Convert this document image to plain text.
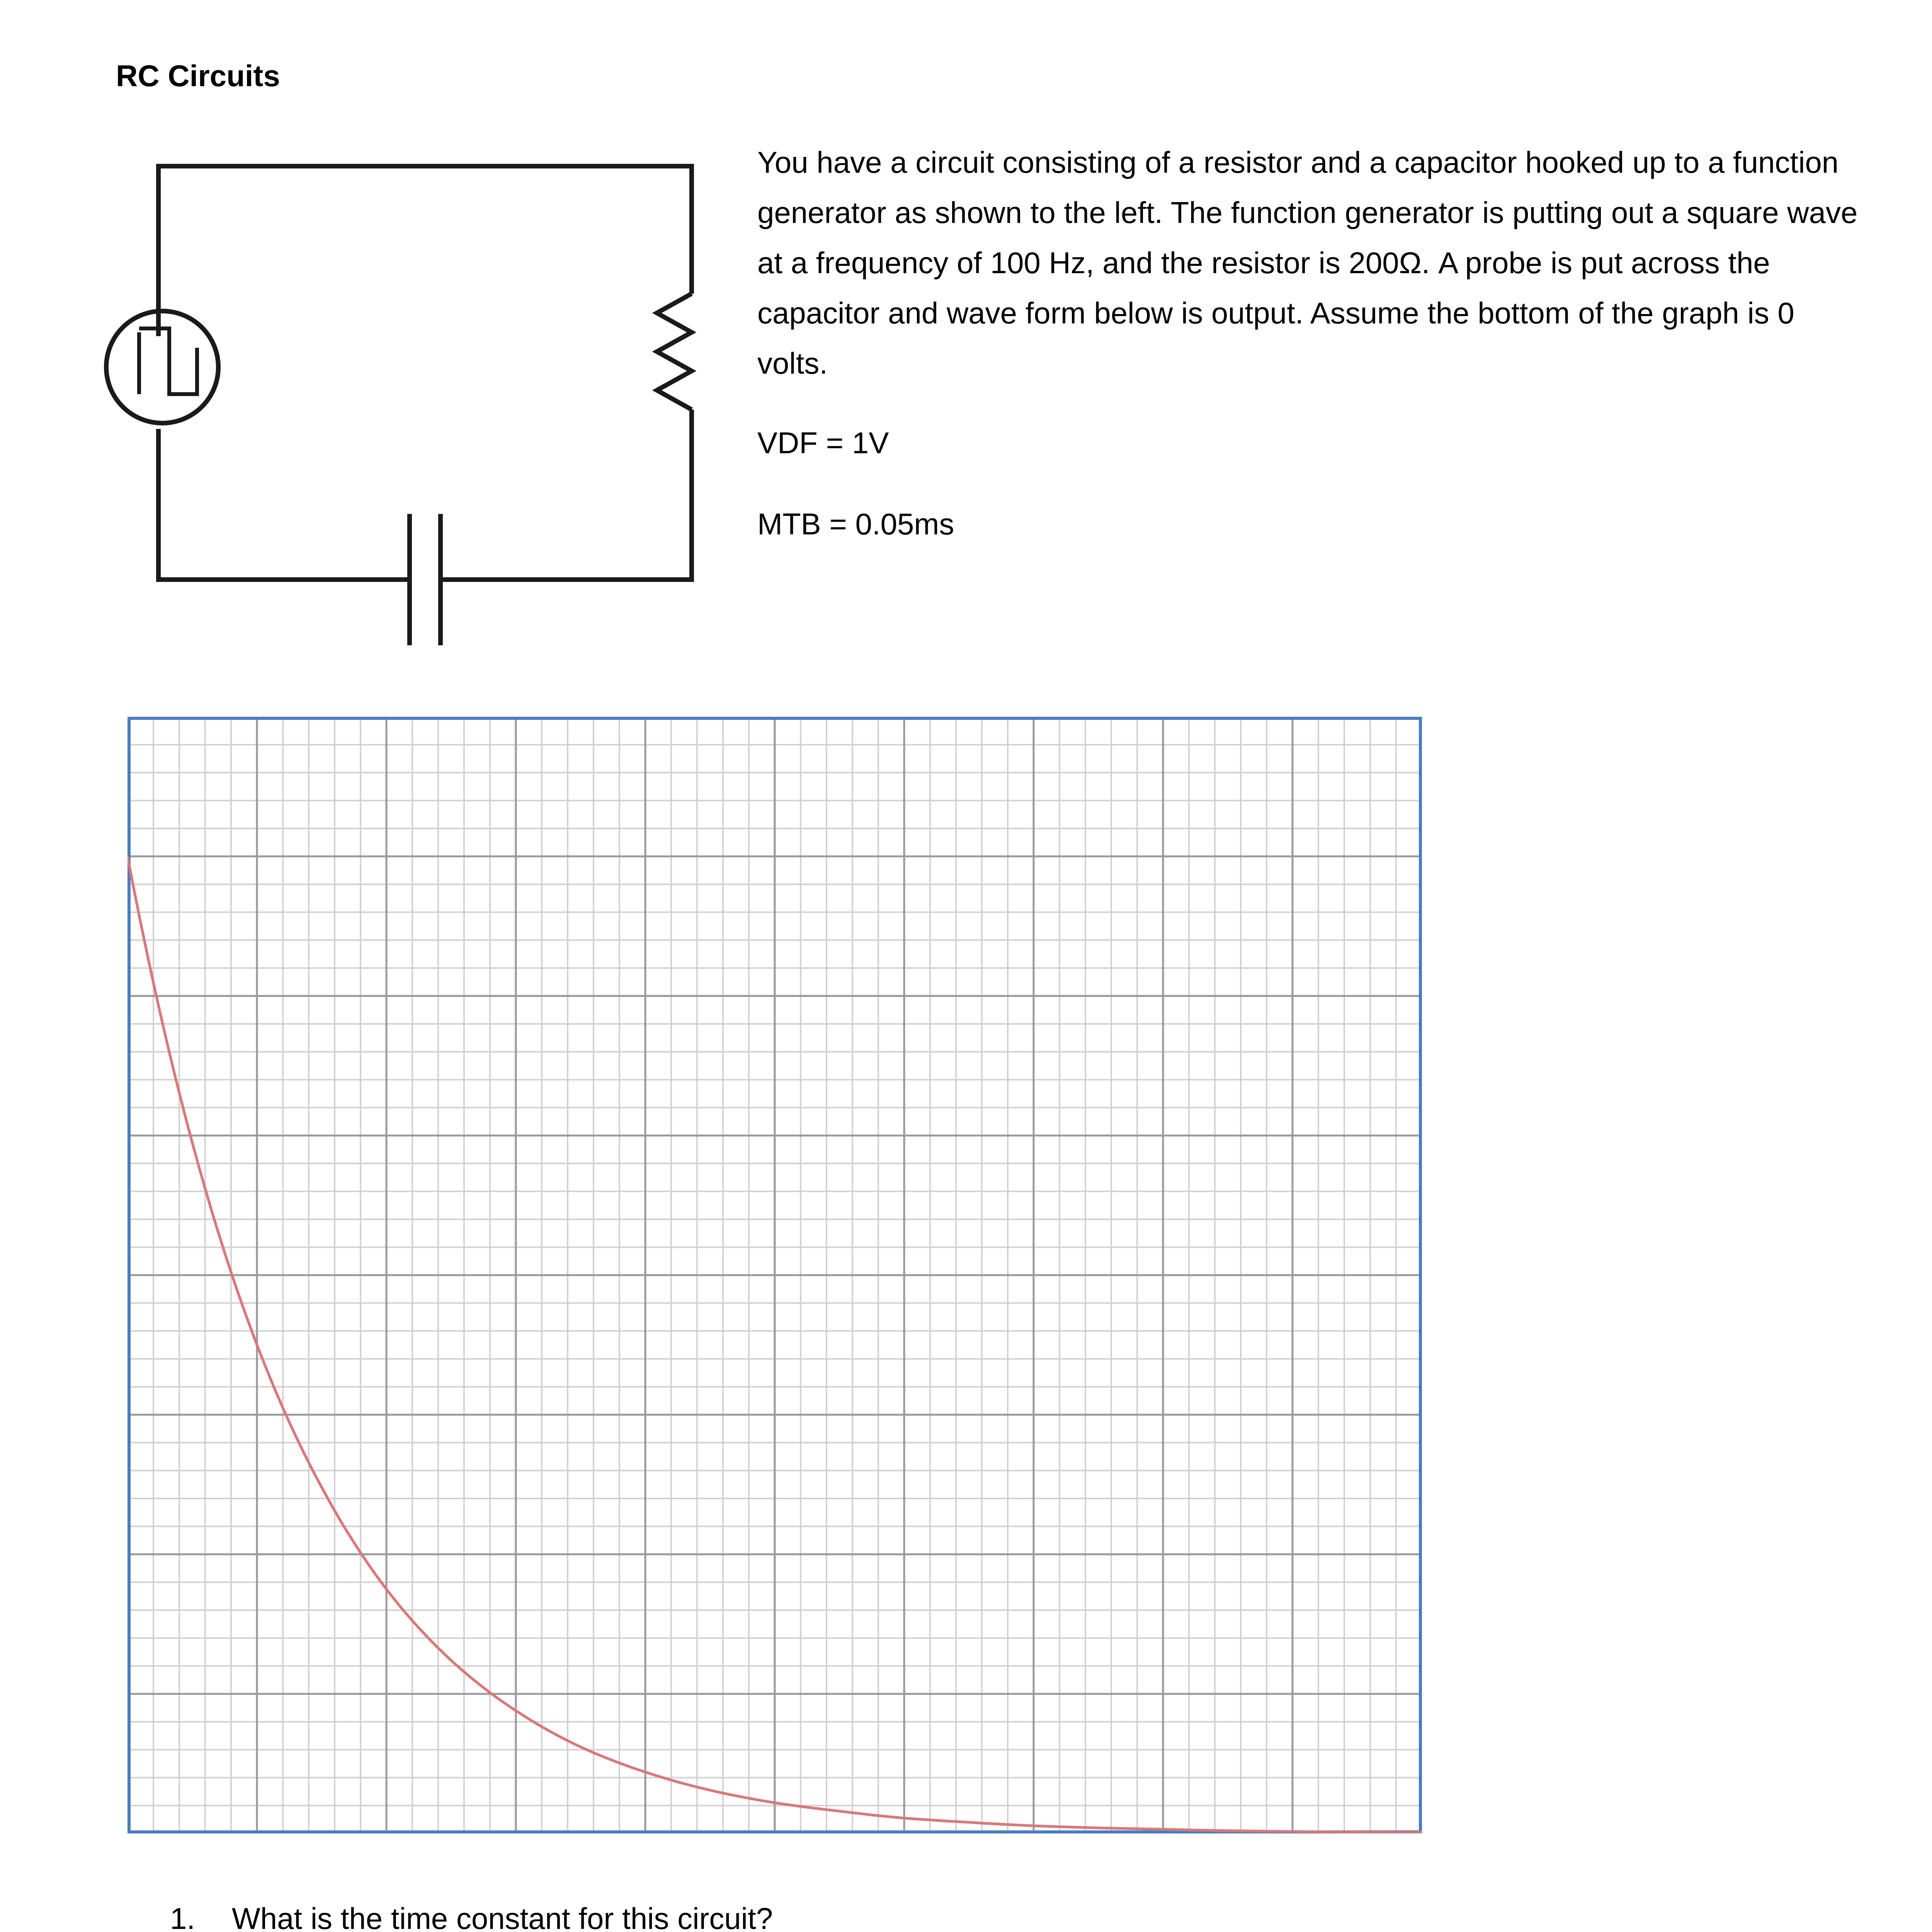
RC Circuits

You have a circuit consisting of a resistor and a capacitor hooked up to a function generator as shown to the left. The function generator is putting out a square wave at a frequency of 100 Hz, and the resistor is 200Ω. A probe is put across the capacitor and wave form below is output. Assume the bottom of the graph is 0 volts.

VDF = 1V
MTB = 0.05ms
1. What is the time constant for this circuit?
